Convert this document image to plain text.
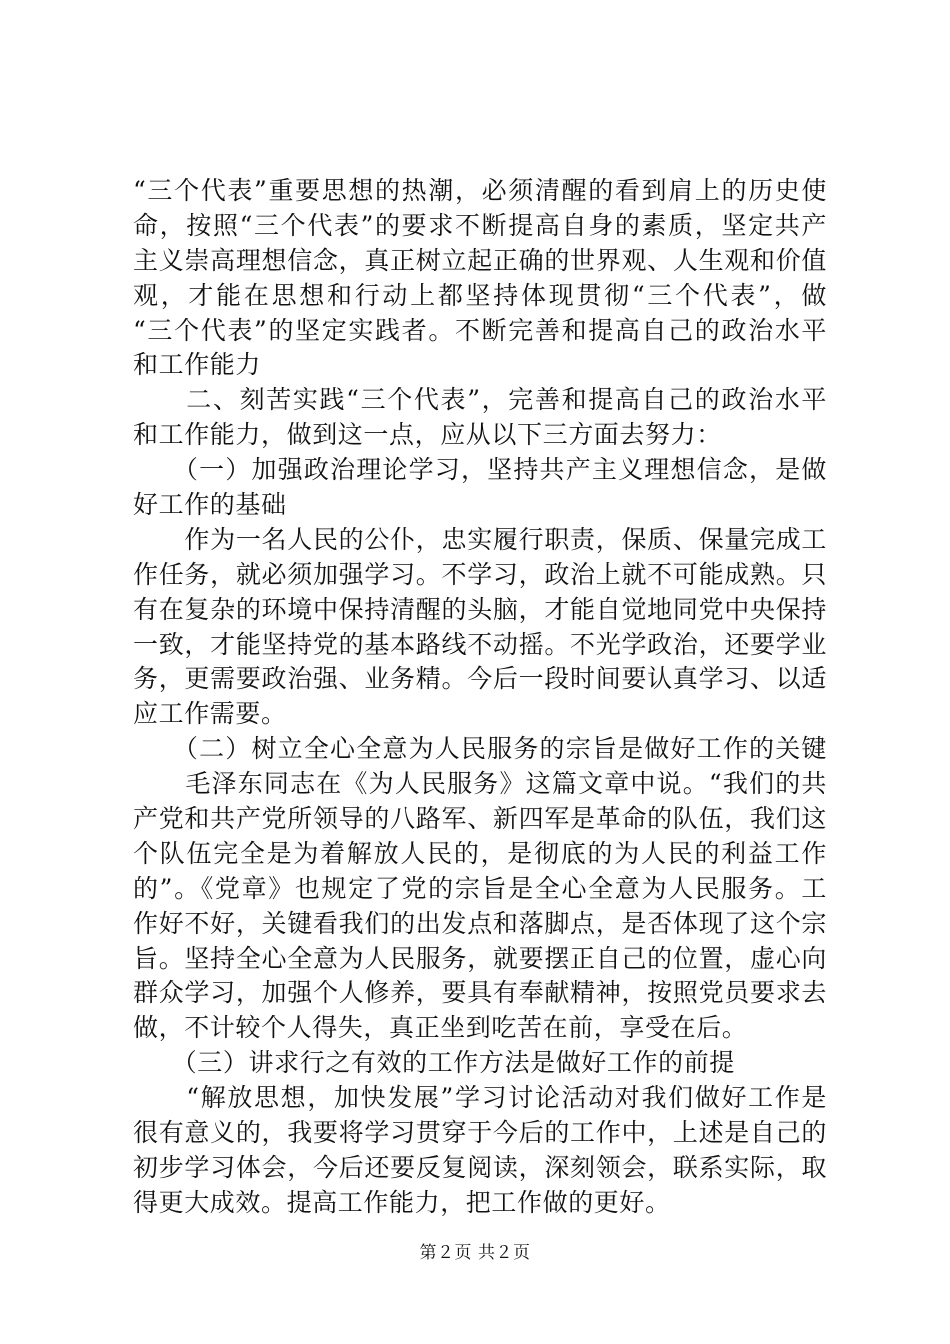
“三个代表”重要思想的热潮，必须清醒的看到肩上的历史使
命，按照“三个代表”的要求不断提高自身的素质，坚定共产
主义崇高理想信念，真正树立起正确的世界观、人生观和价值
观，才能在思想和行动上都坚持体现贯彻“三个代表”，做
“三个代表”的坚定实践者。不断完善和提高自己的政治水平
和工作能力
　　二、刻苦实践“三个代表”，完善和提高自己的政治水平
和工作能力，做到这一点，应从以下三方面去努力：
　　（一）加强政治理论学习，坚持共产主义理想信念，是做
好工作的基础
　　作为一名人民的公仆，忠实履行职责，保质、保量完成工
作任务，就必须加强学习。不学习，政治上就不可能成熟。只
有在复杂的环境中保持清醒的头脑，才能自觉地同党中央保持
一致，才能坚持党的基本路线不动摇。不光学政治，还要学业
务，更需要政治强、业务精。今后一段时间要认真学习、以适
应工作需要。
　　（二）树立全心全意为人民服务的宗旨是做好工作的关键
　　毛泽东同志在《为人民服务》这篇文章中说。“我们的共
产党和共产党所领导的八路军、新四军是革命的队伍，我们这
个队伍完全是为着解放人民的，是彻底的为人民的利益工作
的”。《党章》也规定了党的宗旨是全心全意为人民服务。工
作好不好，关键看我们的出发点和落脚点，是否体现了这个宗
旨。坚持全心全意为人民服务，就要摆正自己的位置，虚心向
群众学习，加强个人修养，要具有奉献精神，按照党员要求去
做，不计较个人得失，真正坐到吃苦在前，享受在后。
　　（三）讲求行之有效的工作方法是做好工作的前提
　　“解放思想，加快发展”学习讨论活动对我们做好工作是
很有意义的，我要将学习贯穿于今后的工作中，上述是自己的
初步学习体会，今后还要反复阅读，深刻领会，联系实际，取
得更大成效。提高工作能力，把工作做的更好。
第２页 共２页
